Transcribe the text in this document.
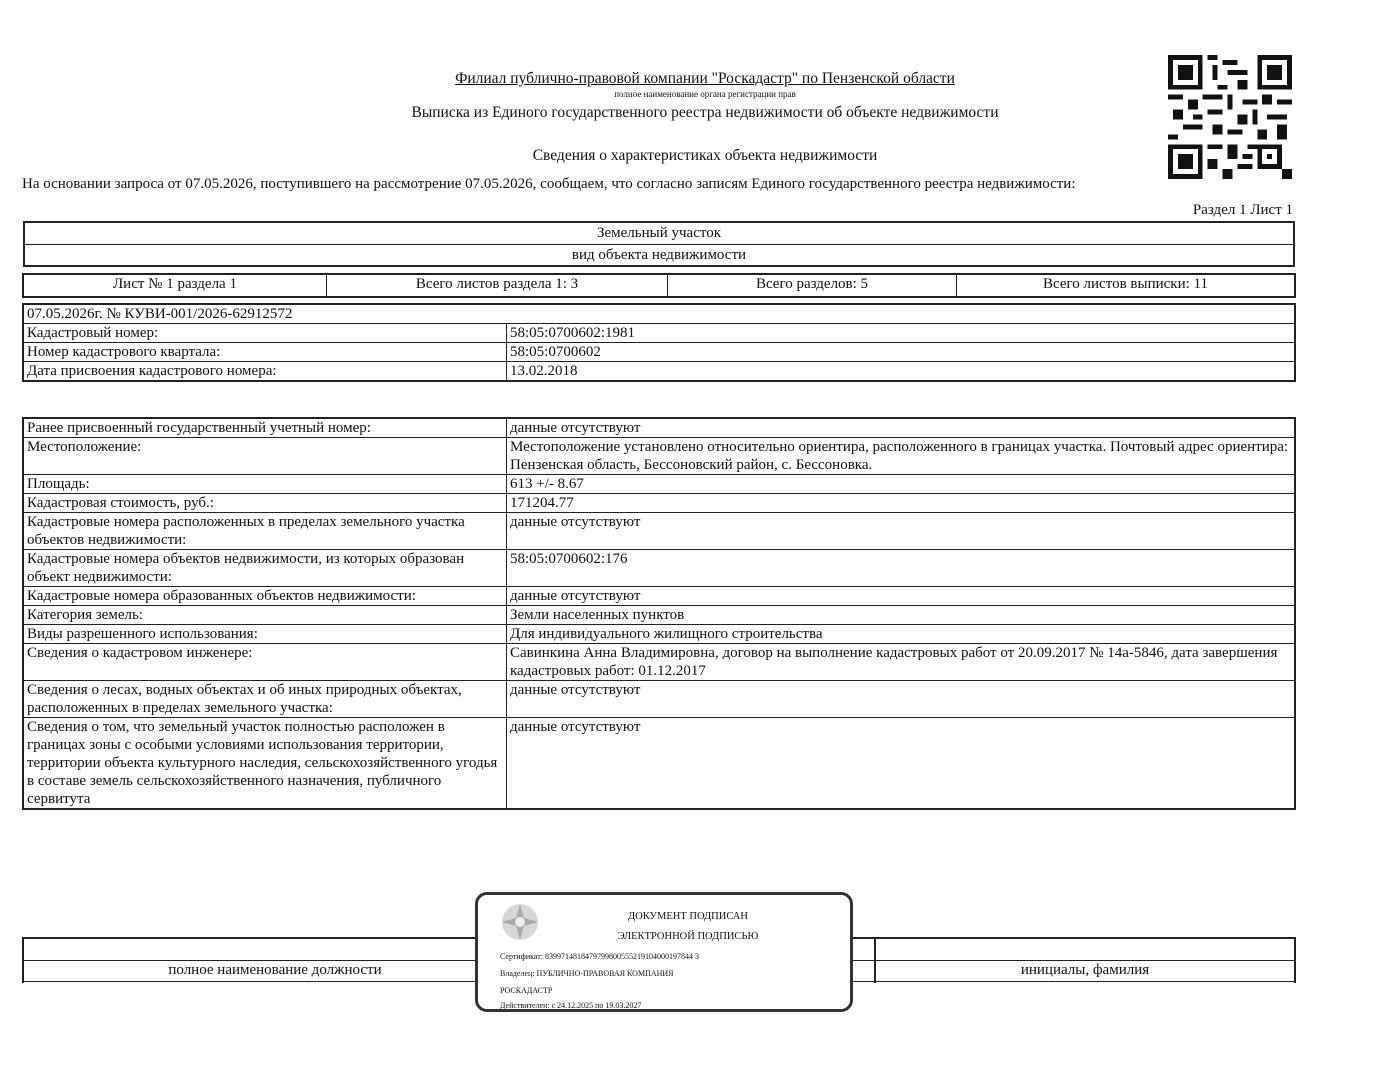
Филиал публично-правовой компании "Роскадастр" по Пензенской области
полное наименование органа регистрации прав
Выписка из Единого государственного реестра недвижимости об объекте недвижимости
Сведения о характеристиках объекта недвижимости
На основании запроса от 07.05.2026, поступившего на рассмотрение 07.05.2026, сообщаем, что согласно записям Единого государственного реестра недвижимости:
Раздел 1 Лист 1
Земельный участок
вид объекта недвижимости
Лист № 1 раздела 1	Всего листов раздела 1: 3	Всего разделов: 5	Всего листов выписки: 11
07.05.2026г. № КУВИ-001/2026-62912572	
Кадастровый номер:	58:05:0700602:1981
Номер кадастрового квартала:	58:05:0700602
Дата присвоения кадастрового номера:	13.02.2018
Ранее присвоенный государственный учетный номер:	данные отсутствуют
Местоположение:	Местоположение установлено относительно ориентира, расположенного в границах участка. Почтовый адрес ориентира: Пензенская область, Бессоновский район, с. Бессоновка.
Площадь:	613 +/- 8.67
Кадастровая стоимость, руб.:	171204.77
Кадастровые номера расположенных в пределах земельного участка объектов недвижимости:	данные отсутствуют
Кадастровые номера объектов недвижимости, из которых образован объект недвижимости:	58:05:0700602:176
Кадастровые номера образованных объектов недвижимости:	данные отсутствуют
Категория земель:	Земли населенных пунктов
Виды разрешенного использования:	Для индивидуального жилищного строительства
Сведения о кадастровом инженере:	Савинкина Анна Владимировна, договор на выполнение кадастровых работ от 20.09.2017 № 14а-5846, дата завершения кадастровых работ: 01.12.2017
Сведения о лесах, водных объектах и об иных природных объектах, расположенных в пределах земельного участка:	данные отсутствуют
Сведения о том, что земельный участок полностью расположен в границах зоны с особыми условиями использования территории, территории объекта культурного наследия, сельскохозяйственного угодья в составе земель сельскохозяйственного назначения, публичного сервитута	данные отсутствуют
полное наименование должности	инициалы, фамилия
ДОКУМЕНТ ПОДПИСАН
ЭЛЕКТРОННОЙ ПОДПИСЬЮ
Сертификат: 8399714818479799800555219104000197844 3
Владелец: ПУБЛИЧНО-ПРАВОВАЯ КОМПАНИЯ
РОСКАДАСТР
Действителен: с 24.12.2025 по 19.03.2027
